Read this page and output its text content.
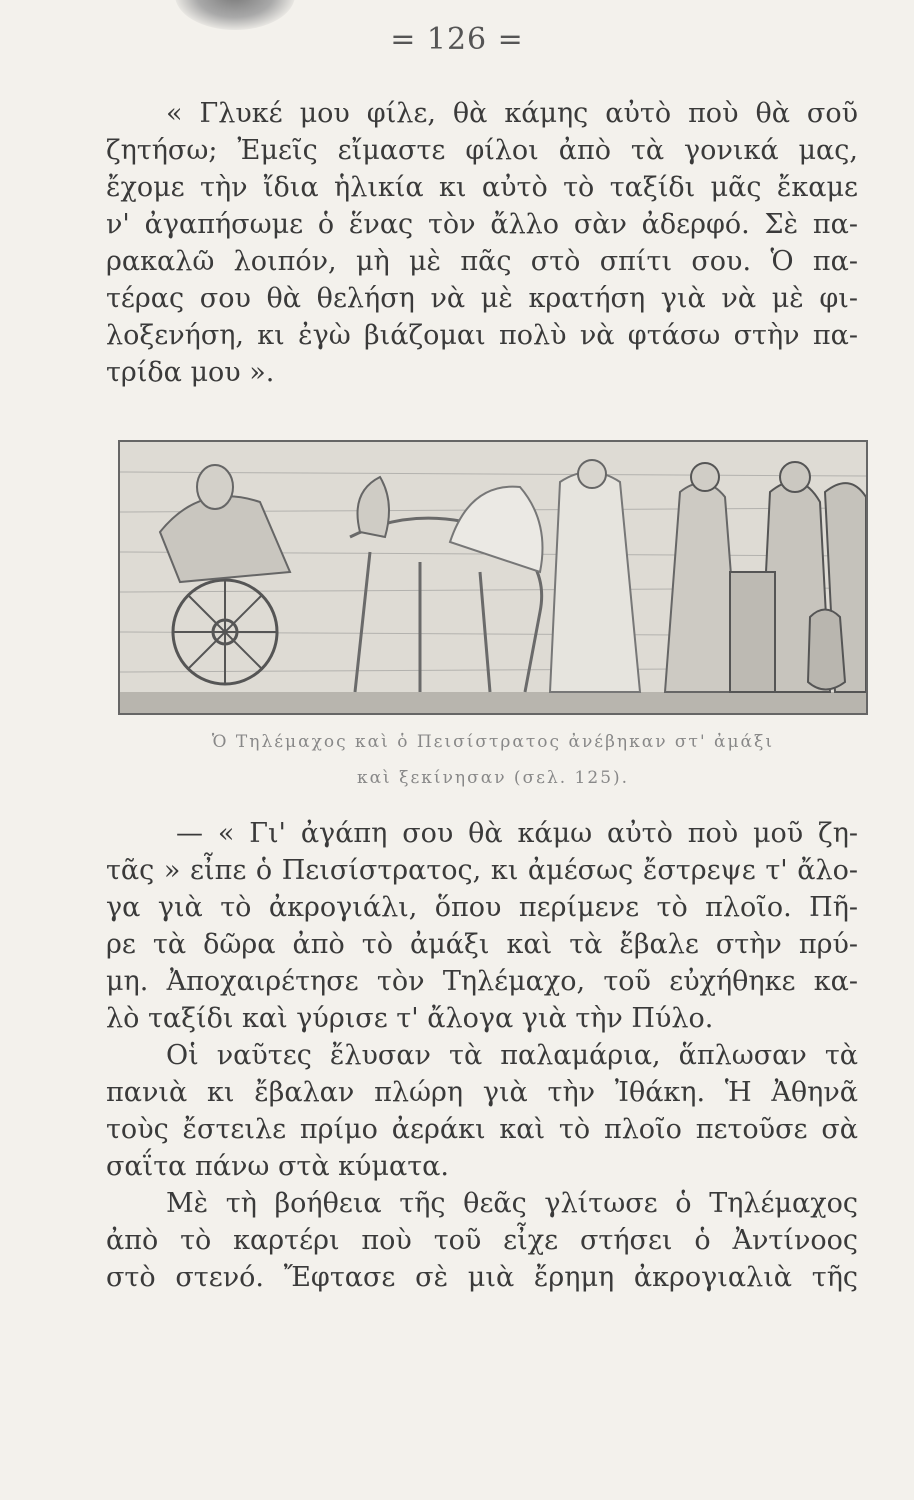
= 126 =
« Γλυκέ μου φίλε, θὰ κάμης αὐτὸ ποὺ θὰ σοῦ
ζητήσω; Ἐμεῖς εἴμαστε φίλοι ἀπὸ τὰ γονικά μας,
ἔχομε τὴν ἴδια ἡλικία κι αὐτὸ τὸ ταξίδι μᾶς ἔκαμε
ν' ἀγαπήσωμε ὁ ἕνας τὸν ἄλλο σὰν ἀδερφό. Σὲ πα-
ρακαλῶ λοιπόν, μὴ μὲ πᾶς στὸ σπίτι σου. Ὁ πα-
τέρας σου θὰ θελήση νὰ μὲ κρατήση γιὰ νὰ μὲ φι-
λοξενήση, κι ἐγὼ βιάζομαι πολὺ νὰ φτάσω στὴν πα-
τρίδα μου ».
Ὁ Τηλέμαχος καὶ ὁ Πεισίστρατος ἀνέβηκαν στ' ἀμάξι
καὶ ξεκίνησαν (σελ. 125).
— « Γι' ἀγάπη σου θὰ κάμω αὐτὸ ποὺ μοῦ ζη-
τᾶς » εἶπε ὁ Πεισίστρατος, κι ἀμέσως ἔστρεψε τ' ἄλο-
γα γιὰ τὸ ἀκρογιάλι, ὅπου περίμενε τὸ πλοῖο. Πῆ-
ρε τὰ δῶρα ἀπὸ τὸ ἀμάξι καὶ τὰ ἔβαλε στὴν πρύ-
μη. Ἀποχαιρέτησε τὸν Τηλέμαχο, τοῦ εὐχήθηκε κα-
λὸ ταξίδι καὶ γύρισε τ' ἄλογα γιὰ τὴν Πύλο.
Οἱ ναῦτες ἔλυσαν τὰ παλαμάρια, ἅπλωσαν τὰ
πανιὰ κι ἔβαλαν πλώρη γιὰ τὴν Ἰθάκη. Ἡ Ἀθηνᾶ
τοὺς ἔστειλε πρίμο ἀεράκι καὶ τὸ πλοῖο πετοῦσε σὰ
σαΐτα πάνω στὰ κύματα.
Μὲ τὴ βοήθεια τῆς θεᾶς γλίτωσε ὁ Τηλέμαχος
ἀπὸ τὸ καρτέρι ποὺ τοῦ εἶχε στήσει ὁ Ἀντίνοος
στὸ στενό. Ἔφτασε σὲ μιὰ ἔρημη ἀκρογιαλιὰ τῆς
